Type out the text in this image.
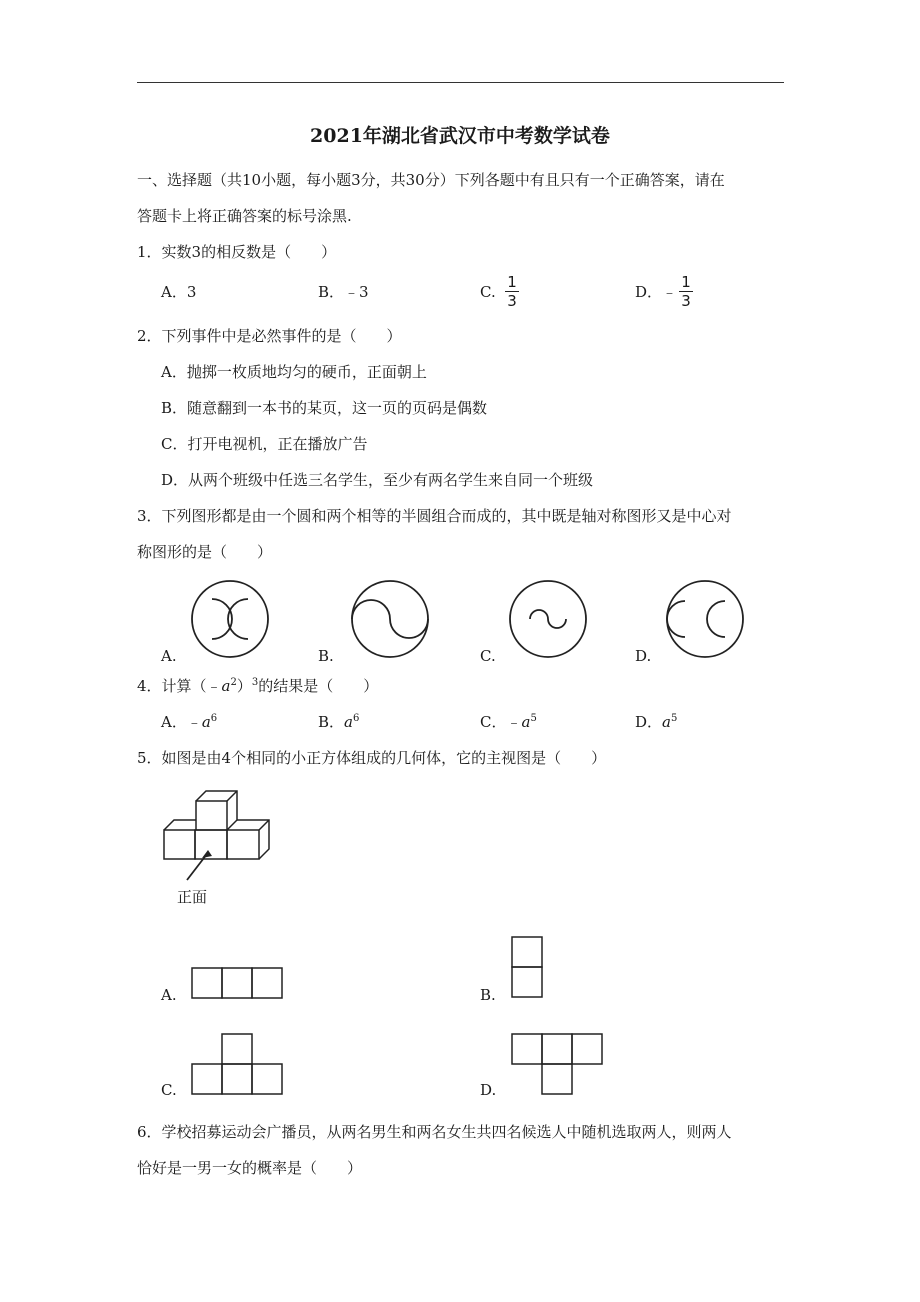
2021年湖北省武汉市中考数学试卷
一、选择题（共10小题，每小题3分，共30分）下列各题中有且只有一个正确答案，请在
答题卡上将正确答案的标号涂黑.
1．实数3的相反数是（　　）
A．3	B．﹣3	C.
1
3	D．﹣
1
3
2．下列事件中是必然事件的是（　　）
A．抛掷一枚质地均匀的硬币，正面朝上
B．随意翻到一本书的某页，这一页的页码是偶数
C．打开电视机，正在播放广告
D．从两个班级中任选三名学生，至少有两名学生来自同一个班级
3．下列图形都是由一个圆和两个相等的半圆组合而成的，其中既是轴对称图形又是中心对
称图形的是（　　）
A.	B.	C.	D.
4．计算$(﹣a^2)^3$的结果是（　　）
A．$﹣a^6$	B．$a^6$	C．$﹣a^5$	D．$a^5$
5．如图是由4个相同的小正方体组成的几何体，它的主视图是（　　）
正面
A.	B.
C.	D.
6．学校招募运动会广播员，从两名男生和两名女生共四名候选人中随机选取两人，则两人
恰好是一男一女的概率是（　　）
